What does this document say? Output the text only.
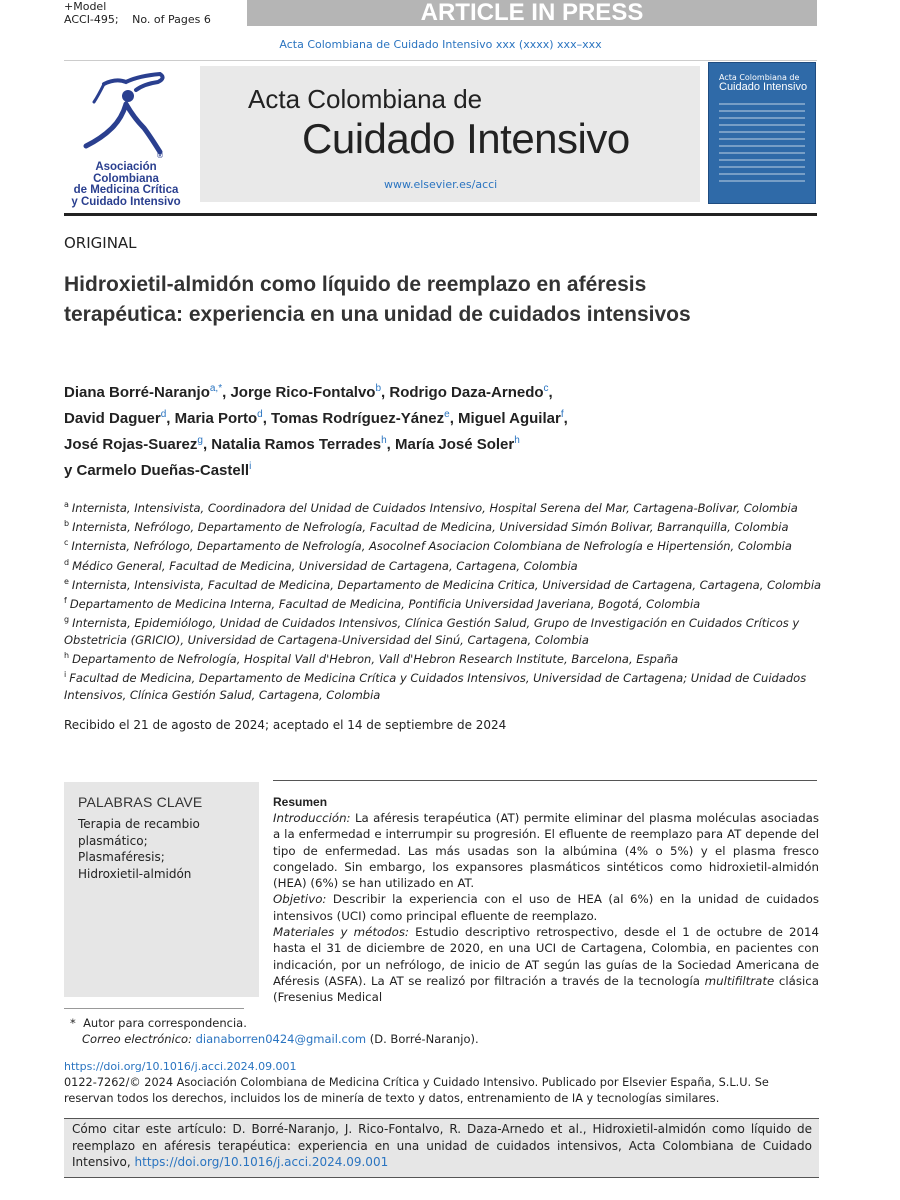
+Model
ACCI-495; No. of Pages 6	ARTICLE IN PRESS
Acta Colombiana de Cuidado Intensivo xxx (xxxx) xxx–xxx
®
Asociación Colombiana
de Medicina Crítica
y Cuidado Intensivo
Acta Colombiana de
Cuidado Intensivo
www.elsevier.es/acci
Acta Colombiana de
Cuidado Intensivo
ORIGINAL
Hidroxietil-almidón como líquido de reemplazo en aféresis terapéutica: experiencia en una unidad de cuidados intensivos
Diana Borré-Naranjo$^{a,*}$, Jorge Rico-Fontalvo$^b$, Rodrigo Daza-Arnedo$^c$,
David Daguer$^d$, Maria Porto$^d$, Tomas Rodríguez-Yánez$^e$, Miguel Aguilar$^f$,
José Rojas-Suarez$^g$, Natalia Ramos Terrades$^h$, María José Soler$^h$
y Carmelo Dueñas-Castell$^i$
$^a$ Internista, Intensivista, Coordinadora del Unidad de Cuidados Intensivo, Hospital Serena del Mar, Cartagena-Bolivar, Colombia
$^b$ Internista, Nefrólogo, Departamento de Nefrología, Facultad de Medicina, Universidad Simón Bolivar, Barranquilla, Colombia
$^c$ Internista, Nefrólogo, Departamento de Nefrología, Asocolnef Asociacion Colombiana de Nefrología e Hipertensión, Colombia
$^d$ Médico General, Facultad de Medicina, Universidad de Cartagena, Cartagena, Colombia
$^e$ Internista, Intensivista, Facultad de Medicina, Departamento de Medicina Critica, Universidad de Cartagena, Cartagena, Colombia
$^f$ Departamento de Medicina Interna, Facultad de Medicina, Pontificia Universidad Javeriana, Bogotá, Colombia
$^g$ Internista, Epidemiólogo, Unidad de Cuidados Intensivos, Clínica Gestión Salud, Grupo de Investigación en Cuidados Críticos y Obstetricia (GRICIO), Universidad de Cartagena-Universidad del Sinú, Cartagena, Colombia
$^h$ Departamento de Nefrología, Hospital Vall d'Hebron, Vall d'Hebron Research Institute, Barcelona, España
$^i$ Facultad de Medicina, Departamento de Medicina Crítica y Cuidados Intensivos, Universidad de Cartagena; Unidad de Cuidados Intensivos, Clínica Gestión Salud, Cartagena, Colombia
Recibido el 21 de agosto de 2024; aceptado el 14 de septiembre de 2024
PALABRAS CLAVE
Terapia de recambio plasmático;
Plasmaféresis;
Hidroxietil-almidón
Resumen

Introducción: La aféresis terapéutica (AT) permite eliminar del plasma moléculas asociadas a la enfermedad e interrumpir su progresión. El efluente de reemplazo para AT depende del tipo de enfermedad. Las más usadas son la albúmina (4% o 5%) y el plasma fresco congelado. Sin embargo, los expansores plasmáticos sintéticos como hidroxietil-almidón (HEA) (6%) se han utilizado en AT.

Objetivo: Describir la experiencia con el uso de HEA (al 6%) en la unidad de cuidados intensivos (UCI) como principal efluente de reemplazo.

Materiales y métodos: Estudio descriptivo retrospectivo, desde el 1 de octubre de 2014 hasta el 31 de diciembre de 2020, en una UCI de Cartagena, Colombia, en pacientes con indicación, por un nefrólogo, de inicio de AT según las guías de la Sociedad Americana de Aféresis (ASFA). La AT se realizó por filtración a través de la tecnología multifiltrate clásica (Fresenius Medical

* Autor para correspondencia.
Correo electrónico: dianaborren0424@gmail.com (D. Borré-Naranjo).
https://doi.org/10.1016/j.acci.2024.09.001
0122-7262/© 2024 Asociación Colombiana de Medicina Crítica y Cuidado Intensivo. Publicado por Elsevier España, S.L.U. Se reservan todos los derechos, incluidos los de minería de texto y datos, entrenamiento de IA y tecnologías similares.
Cómo citar este artículo: D. Borré-Naranjo, J. Rico-Fontalvo, R. Daza-Arnedo et al., Hidroxietil-almidón como líquido de reemplazo en aféresis terapéutica: experiencia en una unidad de cuidados intensivos, Acta Colombiana de Cuidado Intensivo, https://doi.org/10.1016/j.acci.2024.09.001
